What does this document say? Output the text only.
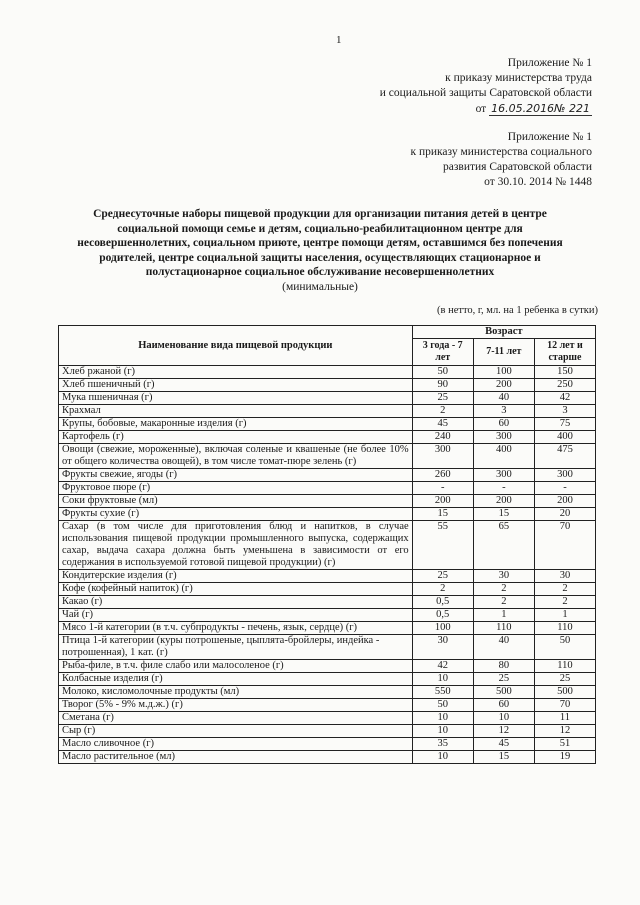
1
Приложение № 1
к приказу министерства труда
и социальной защиты Саратовской области
от 16.05.2016№ 221
Приложение № 1
к приказу министерства социального
развития Саратовской области
от 30.10. 2014 № 1448
Среднесуточные наборы пищевой продукции для организации питания детей в центре социальной помощи семье и детям, социально-реабилитационном центре для несовершеннолетних, социальном приюте, центре помощи детям, оставшимся без попечения родителей, центре социальной защиты населения, осуществляющих стационарное и полустационарное социальное обслуживание несовершеннолетних
(минимальные)
(в нетто, г, мл. на 1 ребенка в сутки)
Наименование вида пищевой продукции	Возраст		
	3 года - 7 лет	7-11 лет	12 лет и старше
Хлеб ржаной (г)	50	100	150
Хлеб пшеничный (г)	90	200	250
Мука пшеничная (г)	25	40	42
Крахмал	2	3	3
Крупы, бобовые, макаронные изделия (г)	45	60	75
Картофель (г)	240	300	400
Овощи (свежие, мороженные), включая соленые и квашеные (не более 10% от общего количества овощей), в том числе томат-пюре зелень (г)	300	400	475
Фрукты свежие, ягоды (г)	260	300	300
Фруктовое пюре (г)	-	-	-
Соки фруктовые (мл)	200	200	200
Фрукты сухие (г)	15	15	20
Сахар (в том числе для приготовления блюд и напитков, в случае использования пищевой продукции промышленного выпуска, содержащих сахар, выдача сахара должна быть уменьшена в зависимости от его содержания в используемой готовой пищевой продукции) (г)	55	65	70
Кондитерские изделия (г)	25	30	30
Кофе (кофейный напиток) (г)	2	2	2
Какао (г)	0,5	2	2
Чай (г)	0,5	1	1
Мясо 1-й категории (в т.ч. субпродукты - печень, язык, сердце) (г)	100	110	110
Птица 1-й категории (куры потрошеные, цыплята-бройлеры, индейка - потрошенная), 1 кат. (г)	30	40	50
Рыба-филе, в т.ч. филе слабо или малосоленое (г)	42	80	110
Колбасные изделия (г)	10	25	25
Молоко, кисломолочные продукты (мл)	550	500	500
Творог (5% - 9% м.д.ж.) (г)	50	60	70
Сметана (г)	10	10	11
Сыр (г)	10	12	12
Масло сливочное (г)	35	45	51
Масло растительное (мл)	10	15	19
